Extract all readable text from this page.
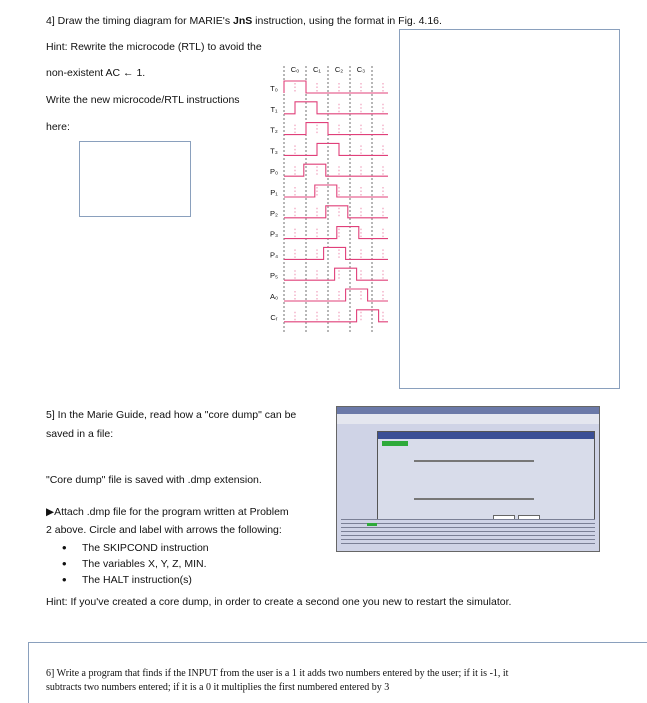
4] Draw the timing diagram for MARIE's JnS instruction, using the format in Fig. 4.16.
Hint: Rewrite the microcode (RTL) to avoid the
non-existent AC ← 1.
Write the new microcode/RTL instructions
here:
C₀ C₁ C₂ C₃
T₀
T₁
T₂
T₃
P₀
P₁
P₂
P₃
P₄
P₅
A₀
Cᵣ
5] In the Marie Guide, read how a "core dump" can be
saved in a file:
"Core dump" file is saved with .dmp extension.
▶Attach .dmp file for the program written at Problem
2 above. Circle and label with arrows the following:
• The SKIPCOND instruction
• The variables X, Y, Z, MIN.
• The HALT instruction(s)
Hint: If you've created a core dump, in order to create a second one you new to restart the simulator.
6] Write a program that finds if the INPUT from the user is a 1 it adds two numbers entered by the user; if it is -1, it
subtracts two numbers entered; if it is a 0 it multiplies the first numbered entered by 3
